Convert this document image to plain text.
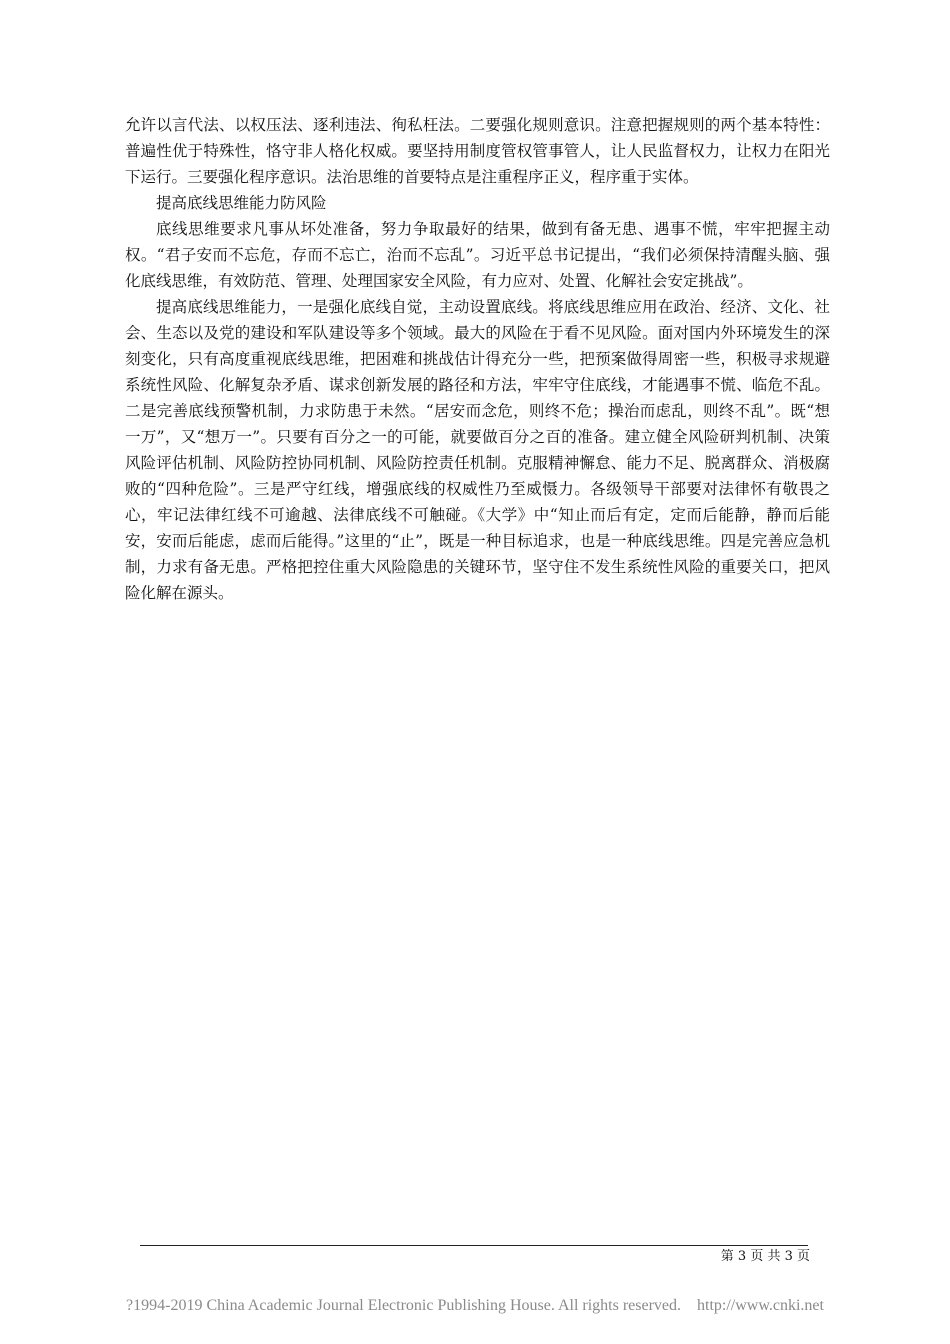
允许以言代法、以权压法、逐利违法、徇私枉法。二要强化规则意识。注意把握规则的两个基本特性：普遍性优于特殊性，恪守非人格化权威。要坚持用制度管权管事管人，让人民监督权力，让权力在阳光下运行。三要强化程序意识。法治思维的首要特点是注重程序正义，程序重于实体。

提高底线思维能力防风险

底线思维要求凡事从坏处准备，努力争取最好的结果，做到有备无患、遇事不慌，牢牢把握主动权。“君子安而不忘危，存而不忘亡，治而不忘乱”。习近平总书记提出，“我们必须保持清醒头脑、强化底线思维，有效防范、管理、处理国家安全风险，有力应对、处置、化解社会安定挑战”。

提高底线思维能力，一是强化底线自觉，主动设置底线。将底线思维应用在政治、经济、文化、社会、生态以及党的建设和军队建设等多个领域。最大的风险在于看不见风险。面对国内外环境发生的深刻变化，只有高度重视底线思维，把困难和挑战估计得充分一些，把预案做得周密一些，积极寻求规避系统性风险、化解复杂矛盾、谋求创新发展的路径和方法，牢牢守住底线，才能遇事不慌、临危不乱。二是完善底线预警机制，力求防患于未然。“居安而念危，则终不危；操治而虑乱，则终不乱”。既“想一万”，又“想万一”。只要有百分之一的可能，就要做百分之百的准备。建立健全风险研判机制、决策风险评估机制、风险防控协同机制、风险防控责任机制。克服精神懈怠、能力不足、脱离群众、消极腐败的“四种危险”。三是严守红线，增强底线的权威性乃至威慑力。各级领导干部要对法律怀有敬畏之心，牢记法律红线不可逾越、法律底线不可触碰。《大学》中“知止而后有定，定而后能静，静而后能安，安而后能虑，虑而后能得。”这里的“止”，既是一种目标追求，也是一种底线思维。四是完善应急机制，力求有备无患。严格把控住重大风险隐患的关键环节，坚守住不发生系统性风险的重要关口，把风险化解在源头。

第 3 页 共 3 页
?1994-2019 China Academic Journal Electronic Publishing House. All rights reserved.    http://www.cnki.net
